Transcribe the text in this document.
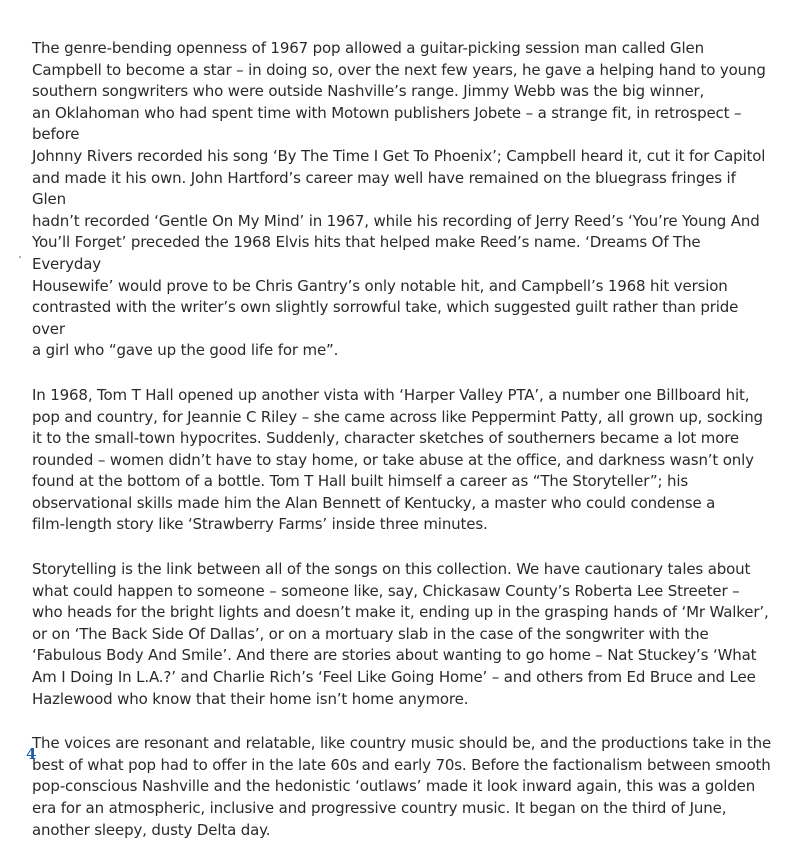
The genre-bending openness of 1967 pop allowed a guitar-picking session man called Glen
Campbell to become a star – in doing so, over the next few years, he gave a helping hand to young
southern songwriters who were outside Nashville’s range. Jimmy Webb was the big winner,
an Oklahoman who had spent time with Motown publishers Jobete – a strange fit, in retrospect – before
Johnny Rivers recorded his song ‘By The Time I Get To Phoenix’; Campbell heard it, cut it for Capitol
and made it his own. John Hartford’s career may well have remained on the bluegrass fringes if Glen
hadn’t recorded ‘Gentle On My Mind’ in 1967, while his recording of Jerry Reed’s ‘You’re Young And
You’ll Forget’ preceded the 1968 Elvis hits that helped make Reed’s name. ‘Dreams Of The Everyday
Housewife’ would prove to be Chris Gantry’s only notable hit, and Campbell’s 1968 hit version
contrasted with the writer’s own slightly sorrowful take, which suggested guilt rather than pride over
a girl who “gave up the good life for me”.

In 1968, Tom T Hall opened up another vista with ‘Harper Valley PTA’, a number one Billboard hit,
pop and country, for Jeannie C Riley – she came across like Peppermint Patty, all grown up, socking
it to the small-town hypocrites. Suddenly, character sketches of southerners became a lot more
rounded – women didn’t have to stay home, or take abuse at the office, and darkness wasn’t only
found at the bottom of a bottle. Tom T Hall built himself a career as “The Storyteller”; his
observational skills made him the Alan Bennett of Kentucky, a master who could condense a
film-length story like ‘Strawberry Farms’ inside three minutes.

Storytelling is the link between all of the songs on this collection. We have cautionary tales about
what could happen to someone – someone like, say, Chickasaw County’s Roberta Lee Streeter –
who heads for the bright lights and doesn’t make it, ending up in the grasping hands of ‘Mr Walker’,
or on ‘The Back Side Of Dallas’, or on a mortuary slab in the case of the songwriter with the
‘Fabulous Body And Smile’. And there are stories about wanting to go home – Nat Stuckey’s ‘What
Am I Doing In L.A.?’ and Charlie Rich’s ‘Feel Like Going Home’ – and others from Ed Bruce and Lee
Hazlewood who know that their home isn’t home anymore.

The voices are resonant and relatable, like country music should be, and the productions take in the
best of what pop had to offer in the late 60s and early 70s. Before the factionalism between smooth
pop-conscious Nashville and the hedonistic ‘outlaws’ made it look inward again, this was a golden
era for an atmospheric, inclusive and progressive country music. It began on the third of June,
another sleepy, dusty Delta day.

4
